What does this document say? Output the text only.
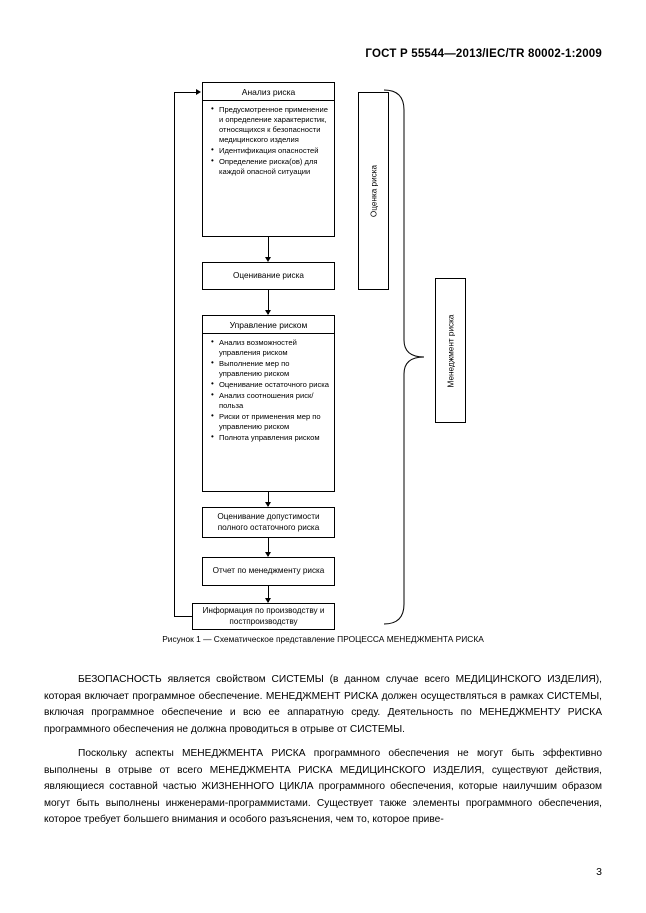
ГОСТ Р 55544—2013/IEC/TR 80002-1:2009
Анализ риска
• Предусмотренное применение и определение характеристик, относящихся к безопасности медицинского изделия
• Идентификация опасностей
• Определение риска(ов) для каждой опасной ситуации
Оценивание риска
Управление риском
• Анализ возможностей управления риском
• Выполнение мер по управлению риском
• Оценивание остаточного риска
• Анализ соотношения риск/польза
• Риски от применения мер по управлению риском
• Полнота управления риском
Оценивание допустимости полного остаточного риска
Отчет по менеджменту риска
Информация по производству и постпроизводству
Оценка риска
Менеджмент риска
Рисунок 1 — Схематическое представление ПРОЦЕССА МЕНЕДЖМЕНТА РИСКА

БЕЗОПАСНОСТЬ является свойством СИСТЕМЫ (в данном случае всего МЕДИЦИНСКОГО ИЗДЕЛИЯ), которая включает программное обеспечение. МЕНЕДЖМЕНТ РИСКА должен осуществляться в рамках СИСТЕМЫ, включая программное обеспечение и всю ее аппаратную среду. Деятельность по МЕНЕДЖМЕНТУ РИСКА программного обеспечения не должна проводиться в отрыве от СИСТЕМЫ.

Поскольку аспекты МЕНЕДЖМЕНТА РИСКА программного обеспечения не могут быть эффективно выполнены в отрыве от всего МЕНЕДЖМЕНТА РИСКА МЕДИЦИНСКОГО ИЗДЕЛИЯ, существуют действия, являющиеся составной частью ЖИЗНЕННОГО ЦИКЛА программного обеспечения, которые наилучшим образом могут быть выполнены инженерами-программистами. Существует также элементы программного обеспечения, которое требует большего внимания и особого разъяснения, чем то, которое приве-

3
